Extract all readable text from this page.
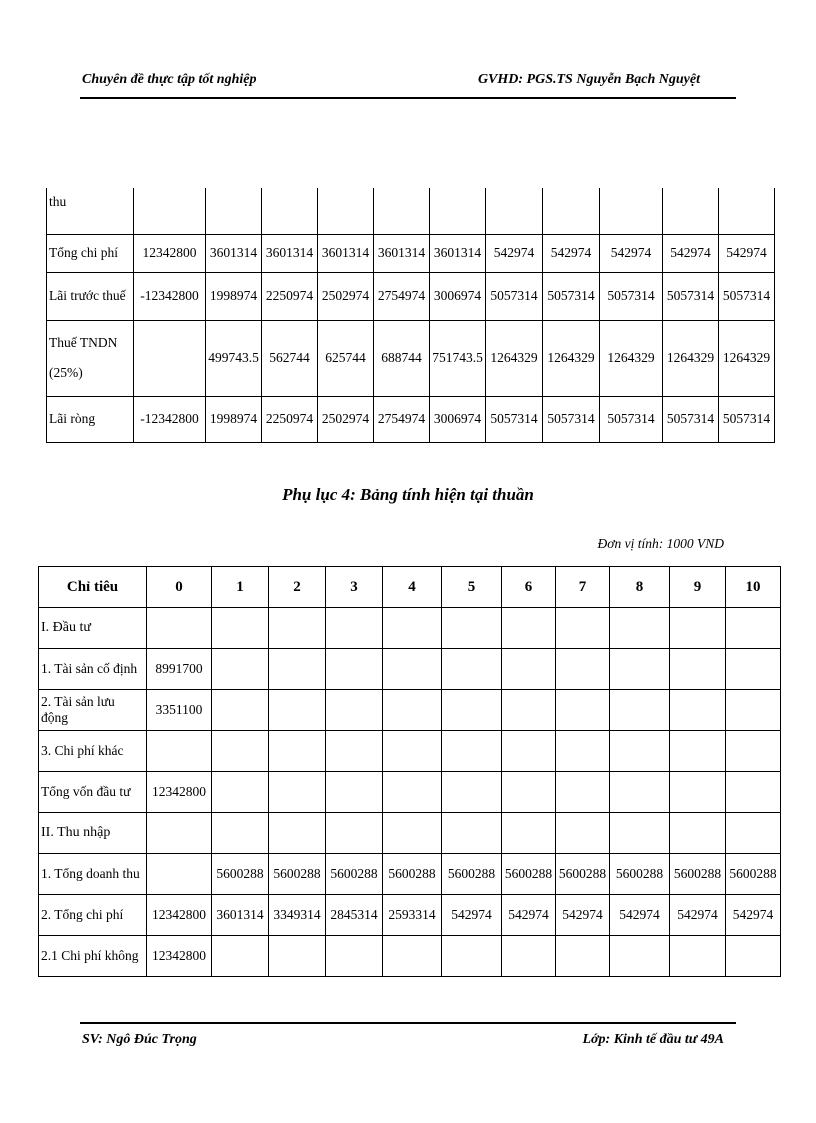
Chuyên đề thực tập tốt nghiệp	GVHD: PGS.TS Nguyễn Bạch Nguyệt
thu											
Tổng chi phí	12342800	3601314	3601314	3601314	3601314	3601314	542974	542974	542974	542974	542974
Lãi trước thuế	-12342800	1998974	2250974	2502974	2754974	3006974	5057314	5057314	5057314	5057314	5057314

Thuế TNDN
(25%)		499743.5	562744	625744	688744	751743.5	1264329	1264329	1264329	1264329	1264329
Lãi ròng	-12342800	1998974	2250974	2502974	2754974	3006974	5057314	5057314	5057314	5057314	5057314
Phụ lục 4: Bảng tính hiện tại thuần
Đơn vị tính: 1000 VND
Chỉ tiêu	0	1	2	3	4	5	6	7	8	9	10
I. Đầu tư											
1. Tài sản cố định	8991700										
2. Tài sản lưu động	3351100										
3. Chi phí khác											
Tổng vốn đầu tư	12342800										
II. Thu nhập											
1. Tổng doanh thu		5600288	5600288	5600288	5600288	5600288	5600288	5600288	5600288	5600288	5600288
2. Tổng chi phí	12342800	3601314	3349314	2845314	2593314	542974	542974	542974	542974	542974	542974
2.1 Chi phí không	12342800										
SV: Ngô Đúc Trọng	Lớp: Kinh tế đầu tư 49A
